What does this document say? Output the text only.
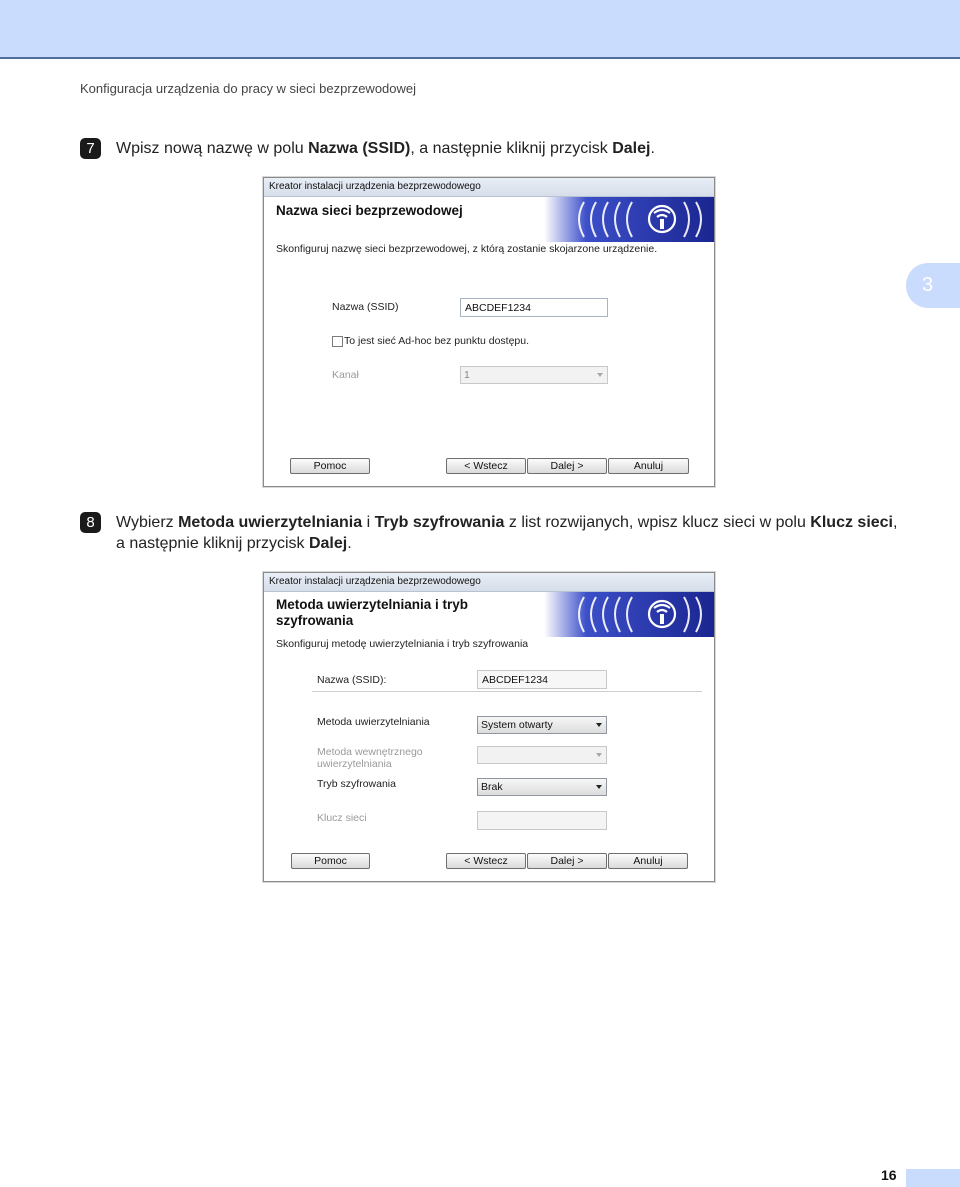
Konfiguracja urządzenia do pracy w sieci bezprzewodowej
3
7	Wpisz nową nazwę w polu Nazwa (SSID), a następnie kliknij przycisk Dalej.
Kreator instalacji urządzenia bezprzewodowego
Nazwa sieci bezprzewodowej
Skonfiguruj nazwę sieci bezprzewodowej, z którą zostanie skojarzone urządzenie.
Nazwa (SSID)	ABCDEF1234
To jest sieć Ad-hoc bez punktu dostępu.
Kanał	1
Pomoc	< Wstecz	Dalej >	Anuluj
8	Wybierz Metoda uwierzytelniania i Tryb szyfrowania z list rozwijanych, wpisz klucz sieci w polu Klucz sieci, a następnie kliknij przycisk Dalej.
Kreator instalacji urządzenia bezprzewodowego
Metoda uwierzytelniania i tryb
szyfrowania
Skonfiguruj metodę uwierzytelniania i tryb szyfrowania
Nazwa (SSID):	ABCDEF1234
Metoda uwierzytelniania	System otwarty
Metoda wewnętrznego
uwierzytelniania
Tryb szyfrowania	Brak
Klucz sieci
Pomoc	< Wstecz	Dalej >	Anuluj
16
